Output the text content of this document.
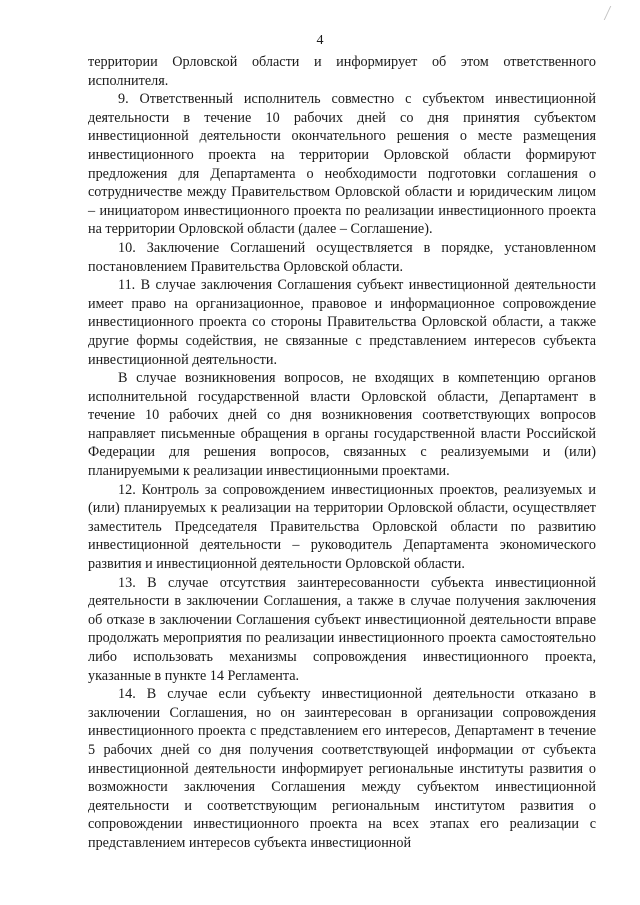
4

территории Орловской области и информирует об этом ответственного исполнителя.

9. Ответственный исполнитель совместно с субъектом инвестиционной деятельности в течение 10 рабочих дней со дня принятия субъектом инвестиционной деятельности окончательного решения о месте размещения инвестиционного проекта на территории Орловской области формируют предложения для Департамента о необходимости подготовки соглашения о сотрудничестве между Правительством Орловской области и юридическим лицом – инициатором инвестиционного проекта по реализации инвестиционного проекта на территории Орловской области (далее – Соглашение).

10. Заключение Соглашений осуществляется в порядке, установленном постановлением Правительства Орловской области.

11. В случае заключения Соглашения субъект инвестиционной деятельности имеет право на организационное, правовое и информационное сопровождение инвестиционного проекта со стороны Правительства Орловской области, а также другие формы содействия, не связанные с представлением интересов субъекта инвестиционной деятельности.

В случае возникновения вопросов, не входящих в компетенцию органов исполнительной государственной власти Орловской области, Департамент в течение 10 рабочих дней со дня возникновения соответствующих вопросов направляет письменные обращения в органы государственной власти Российской Федерации для решения вопросов, связанных с реализуемыми и (или) планируемыми к реализации инвестиционными проектами.

12. Контроль за сопровождением инвестиционных проектов, реализуемых и (или) планируемых к реализации на территории Орловской области, осуществляет заместитель Председателя Правительства Орловской области по развитию инвестиционной деятельности – руководитель Департамента экономического развития и инвестиционной деятельности Орловской области.

13. В случае отсутствия заинтересованности субъекта инвестиционной деятельности в заключении Соглашения, а также в случае получения заключения об отказе в заключении Соглашения субъект инвестиционной деятельности вправе продолжать мероприятия по реализации инвестиционного проекта самостоятельно либо использовать механизмы сопровождения инвестиционного проекта, указанные в пункте 14 Регламента.

14. В случае если субъекту инвестиционной деятельности отказано в заключении Соглашения, но он заинтересован в организации сопровождения инвестиционного проекта с представлением его интересов, Департамент в течение 5 рабочих дней со дня получения соответствующей информации от субъекта инвестиционной деятельности информирует региональные институты развития о возможности заключения Соглашения между субъектом инвестиционной деятельности и соответствующим региональным институтом развития о сопровождении инвестиционного проекта на всех этапах его реализации с представлением интересов субъекта инвестиционной
